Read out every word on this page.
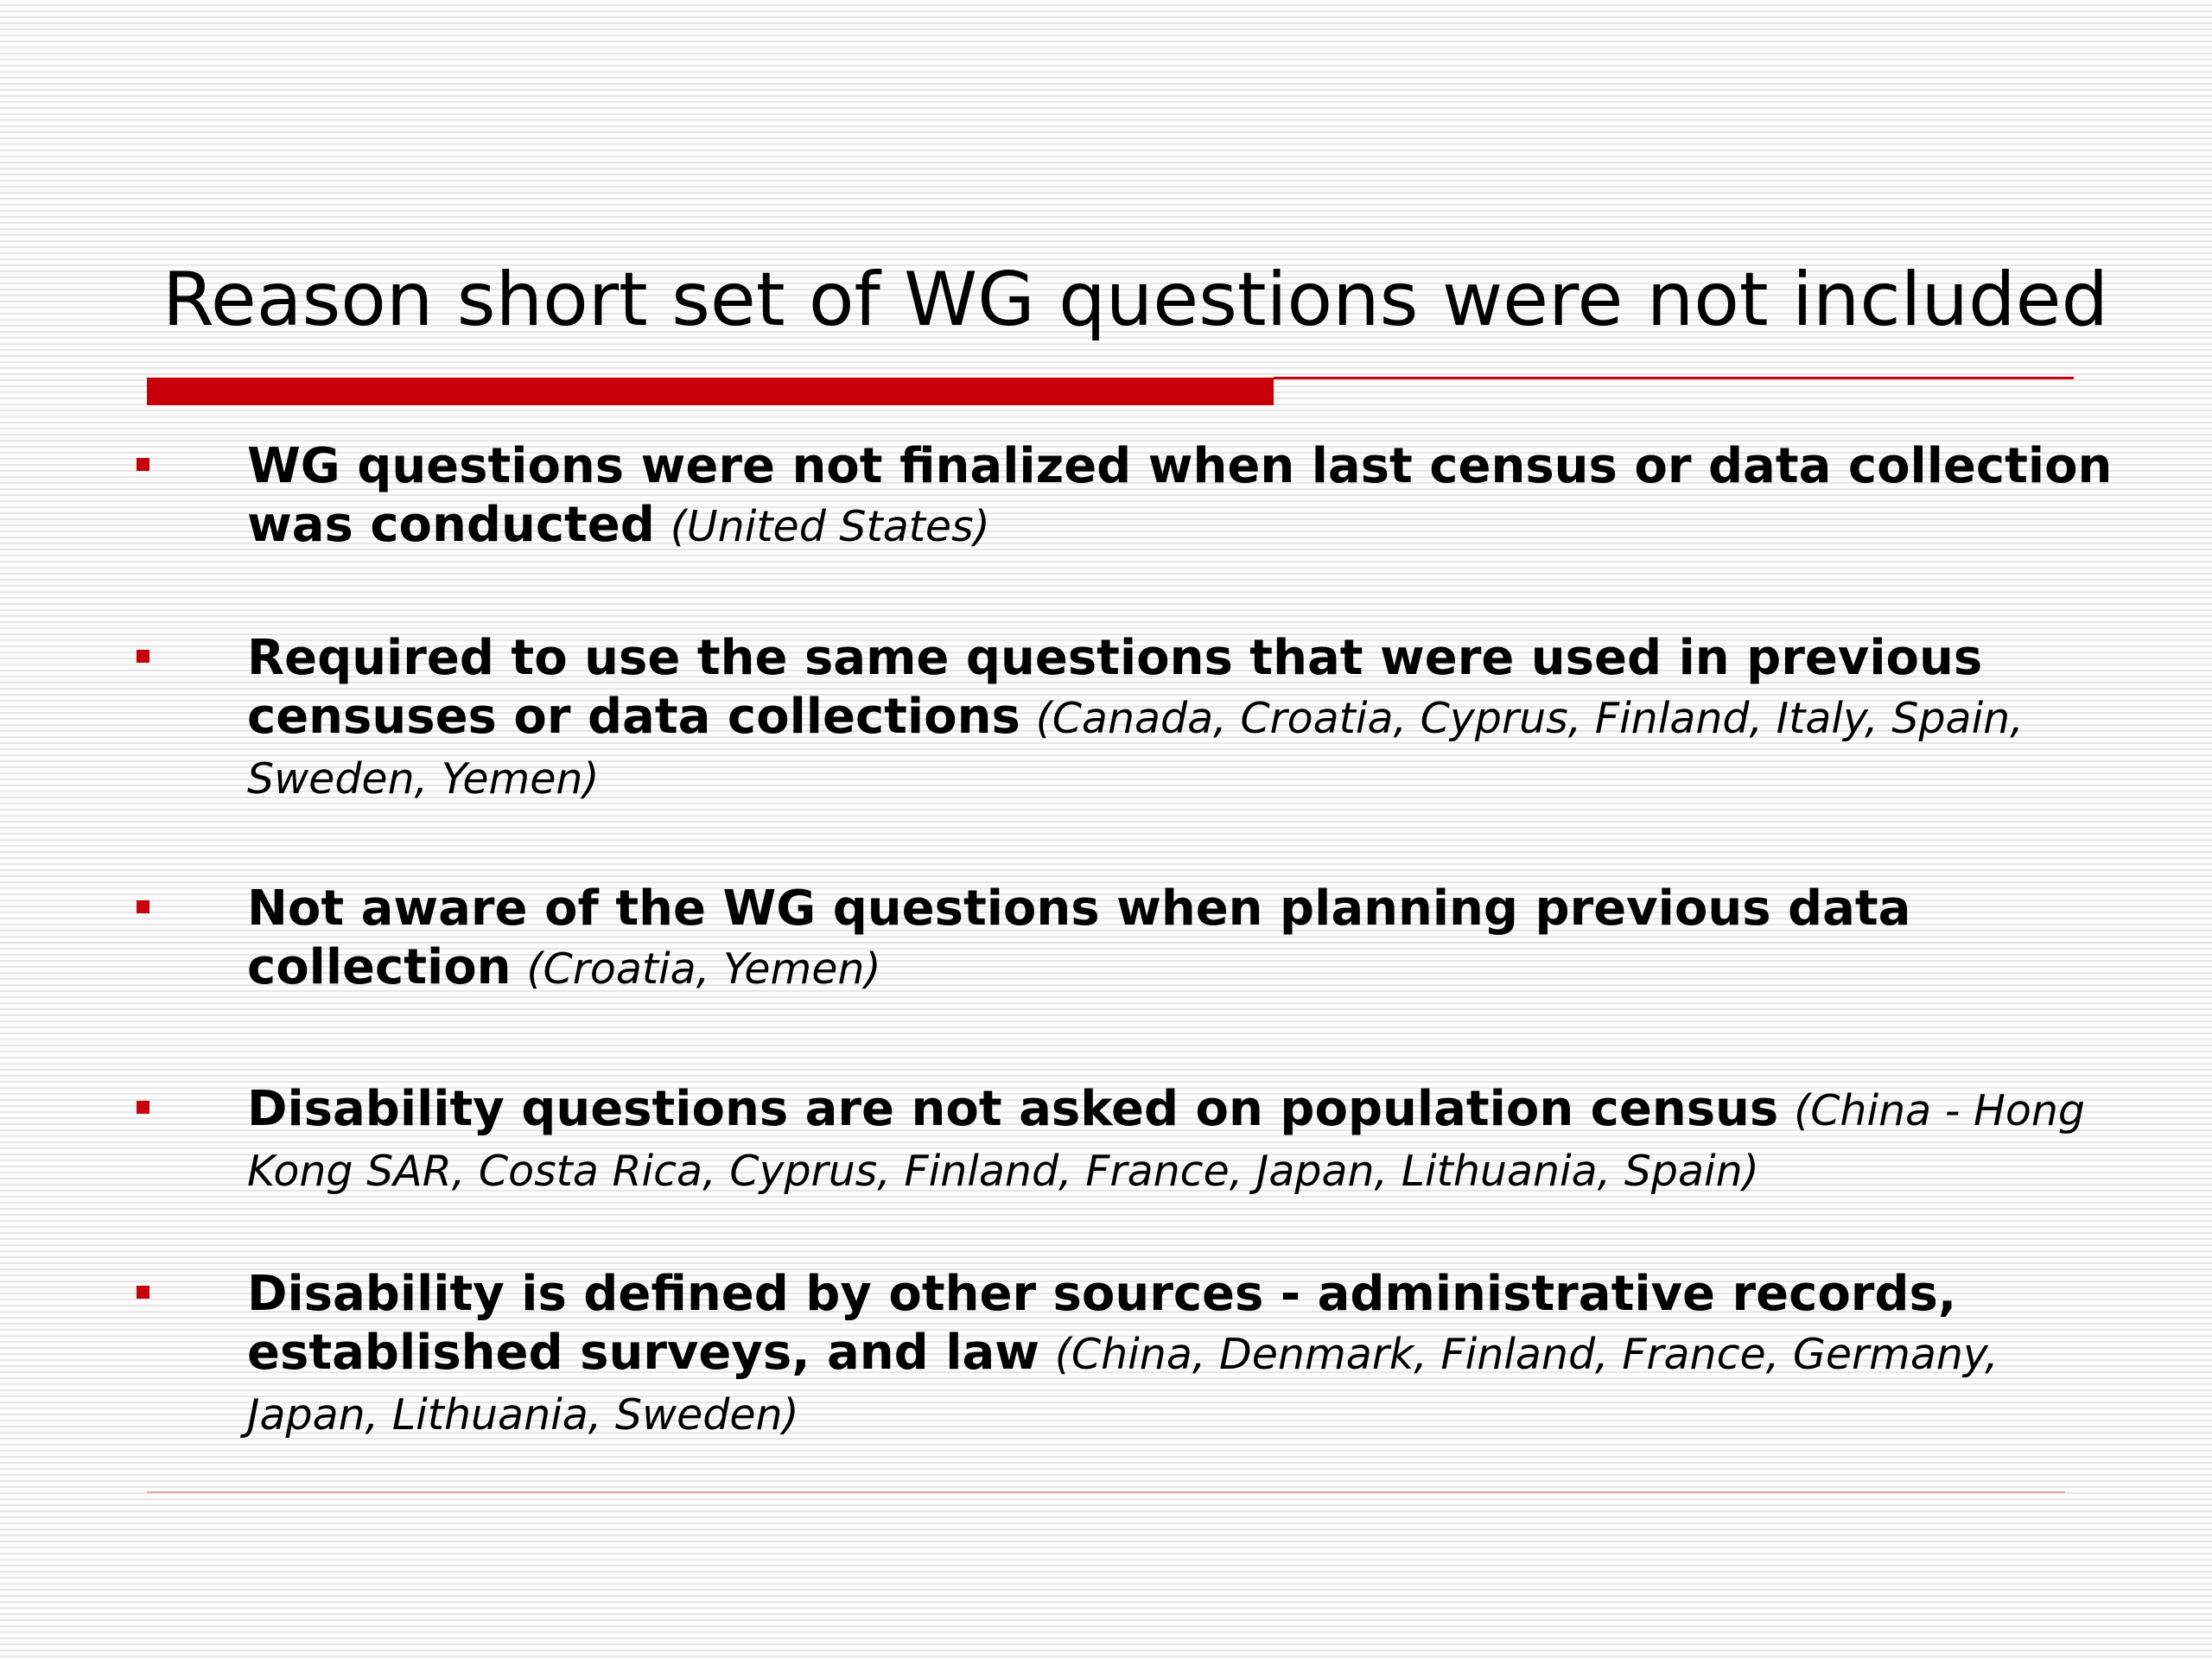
Reason short set of WG questions were not included
WG questions were not finalized when last census or data collection was conducted (United States)
Required to use the same questions that were used in previous censuses or data collections (Canada, Croatia, Cyprus, Finland, Italy, Spain, Sweden, Yemen)
Not aware of the WG questions when planning previous data collection (Croatia, Yemen)
Disability questions are not asked on population census (China - Hong Kong SAR, Costa Rica, Cyprus, Finland, France, Japan, Lithuania, Spain)
Disability is defined by other sources - administrative records, established surveys, and law (China, Denmark, Finland, France, Germany, Japan, Lithuania, Sweden)
